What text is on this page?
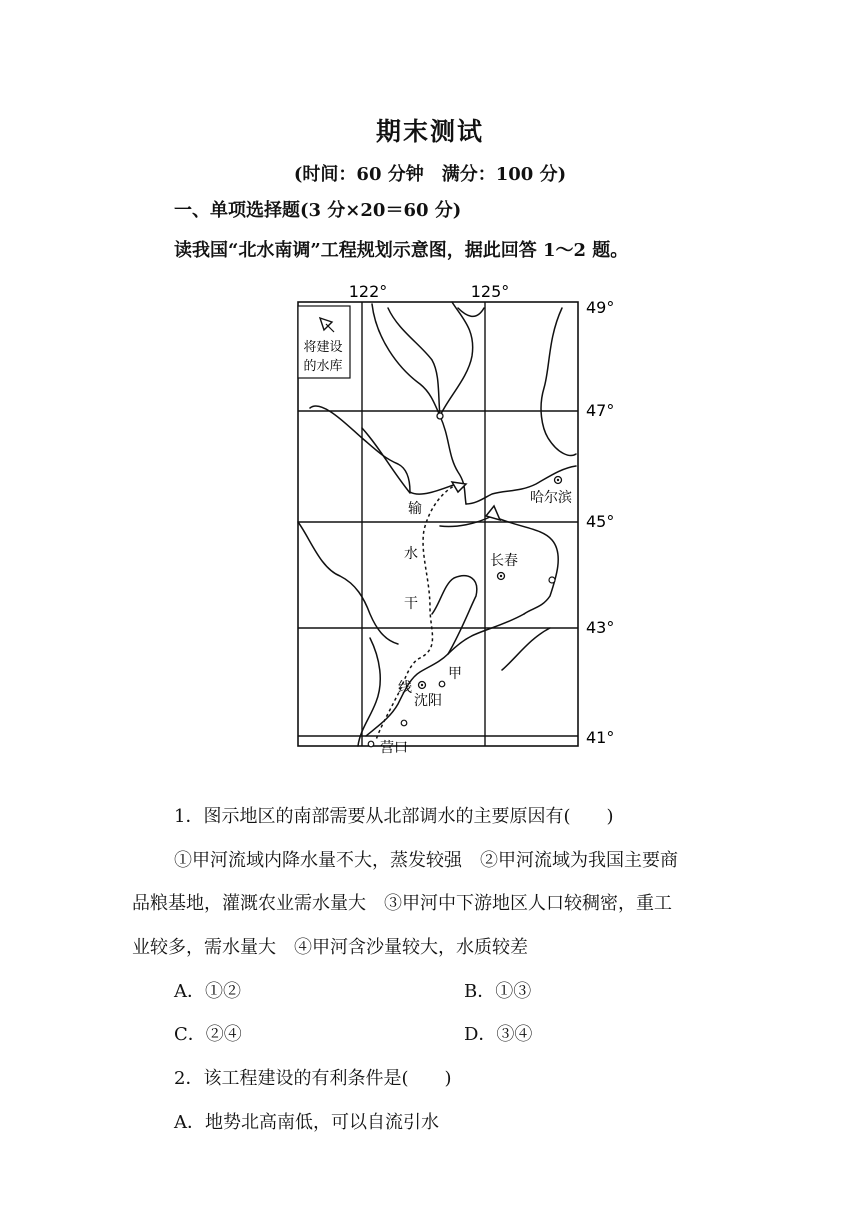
期末测试
(时间：60 分钟　满分：100 分)
一、单项选择题(3 分×20＝60 分)
读我国“北水南调”工程规划示意图，据此回答 1～2 题。
将建设
的水库
122°	125°
49°
47°
45°
43°
41°
哈尔滨
长春
沈阳
甲
营口
输
水
干
线
1．图示地区的南部需要从北部调水的主要原因有(　　)
①甲河流域内降水量不大，蒸发较强　②甲河流域为我国主要商
品粮基地，灌溉农业需水量大　③甲河中下游地区人口较稠密，重工
业较多，需水量大　④甲河含沙量较大，水质较差
A．①②	B．①③
C．②④	D．③④
2．该工程建设的有利条件是(　　)
A．地势北高南低，可以自流引水
